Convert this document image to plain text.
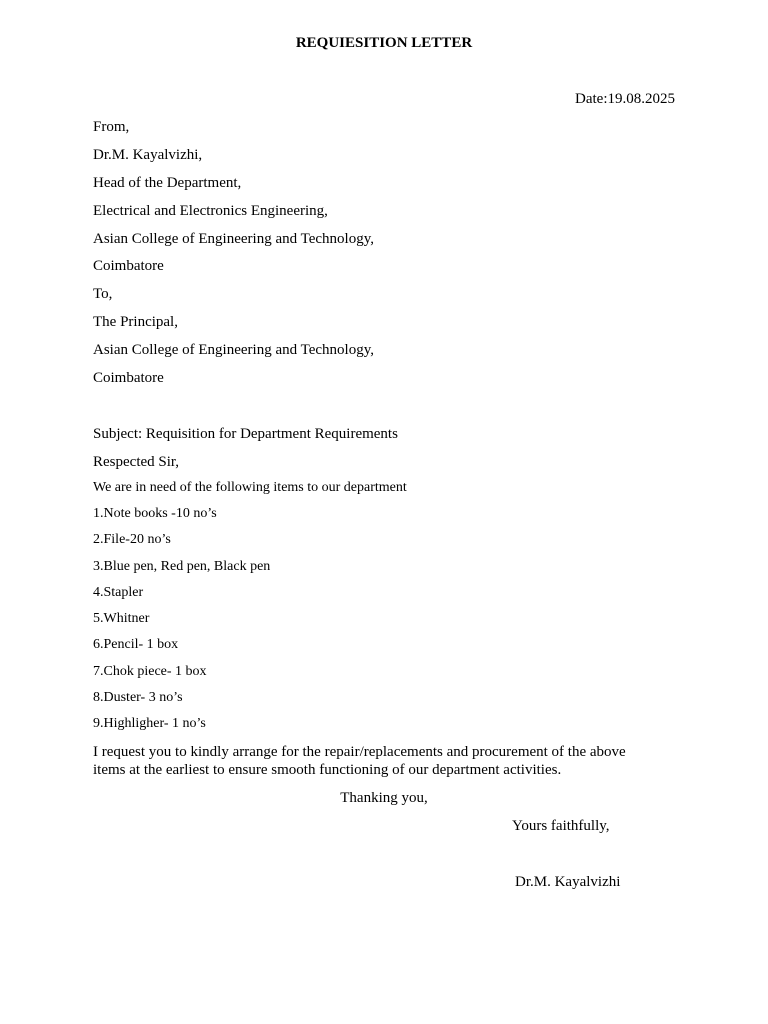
REQUIESITION LETTER
Date:19.08.2025
From,
Dr.M. Kayalvizhi,
Head of the Department,
Electrical and Electronics Engineering,
Asian College of Engineering and Technology,
Coimbatore
To,
The Principal,
Asian College of Engineering and Technology,
Coimbatore
Subject: Requisition for Department Requirements
Respected Sir,
We are in need of the following items to our department
1.Note books -10 no’s
2.File-20 no’s
3.Blue pen, Red pen, Black pen
4.Stapler
5.Whitner
6.Pencil- 1 box
7.Chok piece- 1 box
8.Duster- 3 no’s
9.Highligher- 1 no’s
I request you to kindly arrange for the repair/replacements and procurement of the above items at the earliest to ensure smooth functioning of our department activities.
Thanking you,
Yours faithfully,
Dr.M. Kayalvizhi
